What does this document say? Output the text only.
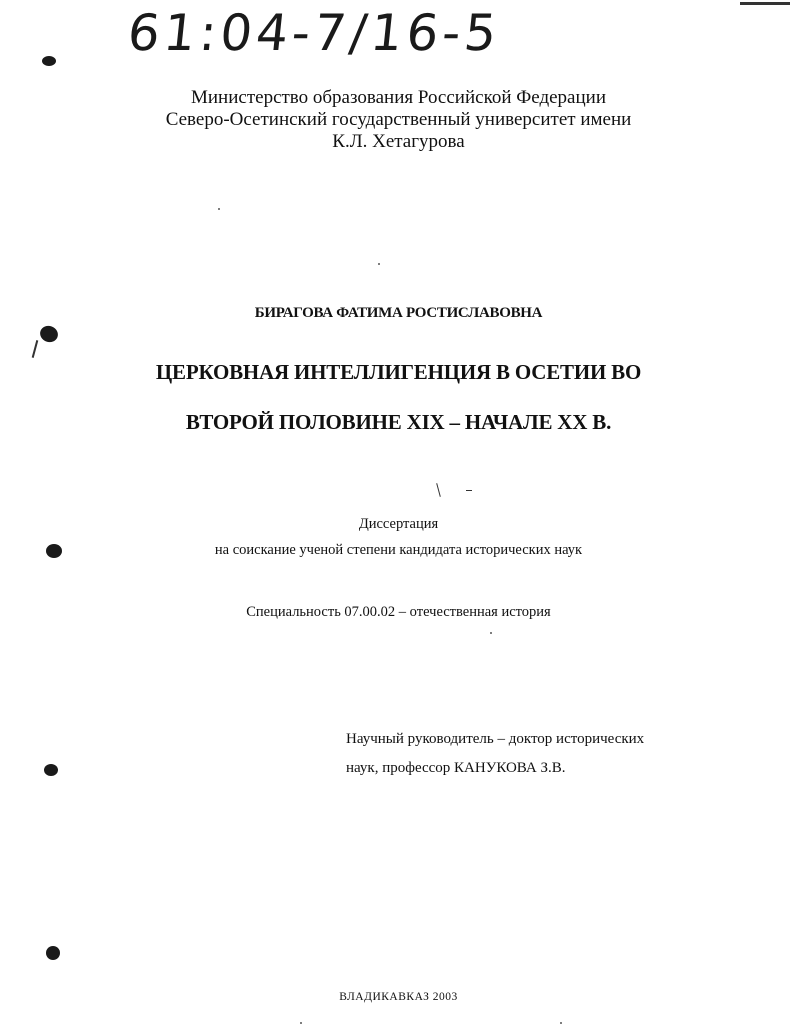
61:04-7/16-5
Министерство образования Российской Федерации
Северо-Осетинский государственный университет имени
К.Л. Хетагурова
БИРАГОВА ФАТИМА РОСТИСЛАВОВНА
ЦЕРКОВНАЯ ИНТЕЛЛИГЕНЦИЯ В ОСЕТИИ ВО
ВТОРОЙ ПОЛОВИНЕ XIX – НАЧАЛЕ XX В.
Диссертация
на соискание ученой степени кандидата исторических наук
Специальность 07.00.02 – отечественная история
Научный руководитель – доктор исторических
наук, профессор КАНУКОВА З.В.
ВЛАДИКАВКАЗ 2003
